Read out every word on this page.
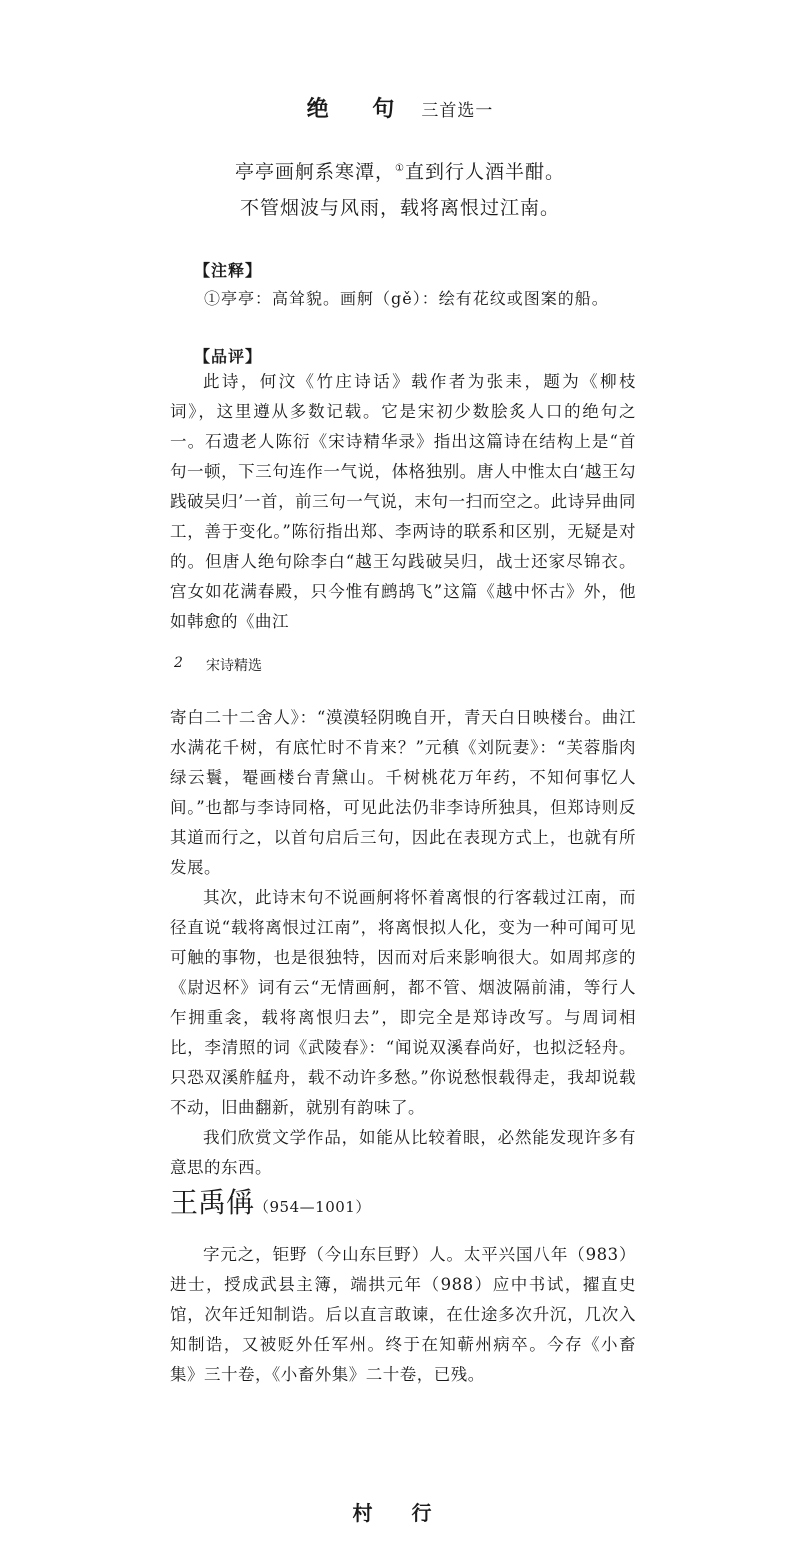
绝 句 三首选一
亭亭画舸系寒潭，①直到行人酒半酣。
不管烟波与风雨，载将离恨过江南。
【注释】
①亭亭：高耸貌。画舸（gě）：绘有花纹或图案的船。
【品评】

此诗，何汶《竹庄诗话》载作者为张耒，题为《柳枝词》，这里遵从多数记载。它是宋初少数脍炙人口的绝句之一。石遗老人陈衍《宋诗精华录》指出这篇诗在结构上是“首句一顿，下三句连作一气说，体格独别。唐人中惟太白‘越王勾践破吴归’一首，前三句一气说，末句一扫而空之。此诗异曲同工，善于变化。”陈衍指出郑、李两诗的联系和区别，无疑是对的。但唐人绝句除李白“越王勾践破吴归，战士还家尽锦衣。宫女如花满春殿，只今惟有鹧鸪飞”这篇《越中怀古》外，他如韩愈的《曲江

2 宋诗精选

寄白二十二舍人》：“漠漠轻阴晚自开，青天白日映楼台。曲江水满花千树，有底忙时不肯来？”元稹《刘阮妻》：“芙蓉脂肉绿云鬟，罨画楼台青黛山。千树桃花万年药，不知何事忆人间。”也都与李诗同格，可见此法仍非李诗所独具，但郑诗则反其道而行之，以首句启后三句，因此在表现方式上，也就有所发展。

其次，此诗末句不说画舸将怀着离恨的行客载过江南，而径直说“载将离恨过江南”，将离恨拟人化，变为一种可闻可见可触的事物，也是很独特，因而对后来影响很大。如周邦彦的《尉迟杯》词有云“无情画舸，都不管、烟波隔前浦，等行人乍拥重衾，载将离恨归去”，即完全是郑诗改写。与周词相比，李清照的词《武陵春》：“闻说双溪春尚好，也拟泛轻舟。只恐双溪舴艋舟，载不动许多愁。”你说愁恨载得走，我却说载不动，旧曲翻新，就别有韵味了。

我们欣赏文学作品，如能从比较着眼，必然能发现许多有意思的东西。

王禹偁（954—1001）

字元之，钜野（今山东巨野）人。太平兴国八年（983）进士，授成武县主簿，端拱元年（988）应中书试，擢直史馆，次年迁知制诰。后以直言敢谏，在仕途多次升沉，几次入知制诰，又被贬外任军州。终于在知蕲州病卒。今存《小畜集》三十卷，《小畜外集》二十卷，已残。

村 行
